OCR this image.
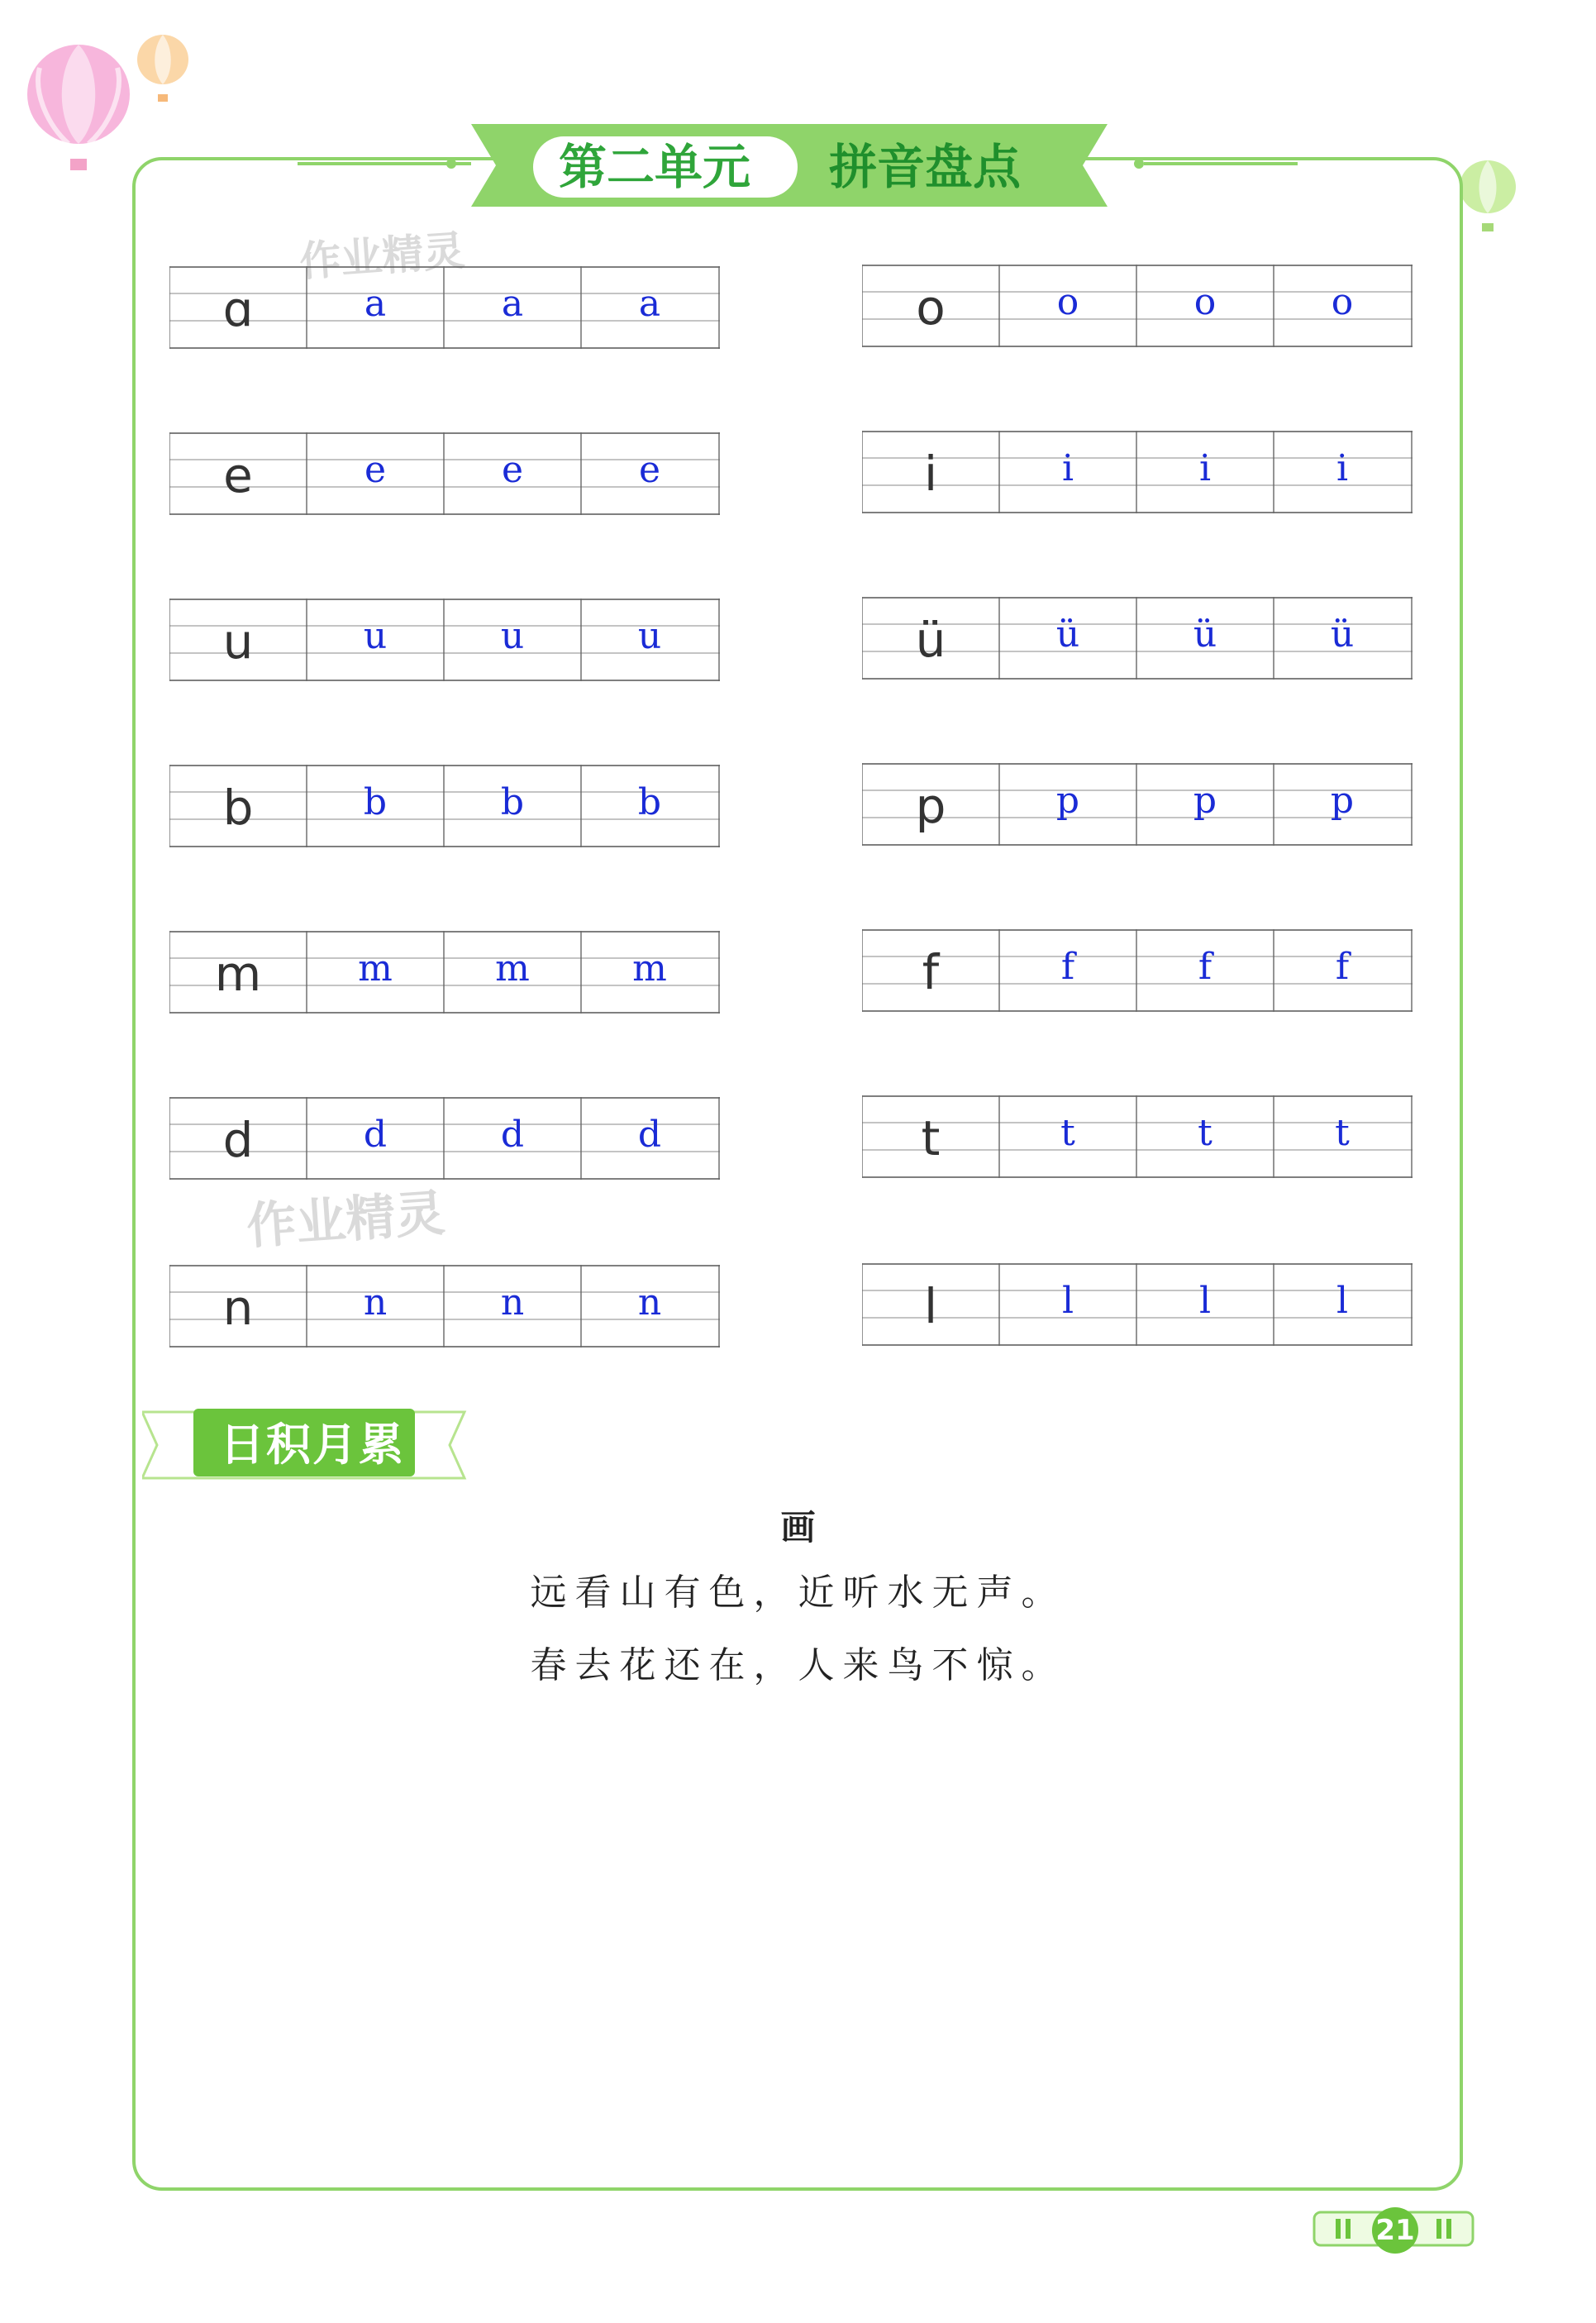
第二单元 拼音盘点
作业精灵
作业精灵
ɑ	a	a	a
e	e	e	e
u	u	u	u
b	b	b	b
m	m	m	m
d	d	d	d
n	n	n	n
o	o	o	o
i	i	i	i
ü	ü	ü	ü
p	p	p	p
f	f	f	f
t	t	t	t
l	l	l	l
日积月累
画
远看山有色，近听水无声。
春去花还在，人来鸟不惊。
21
